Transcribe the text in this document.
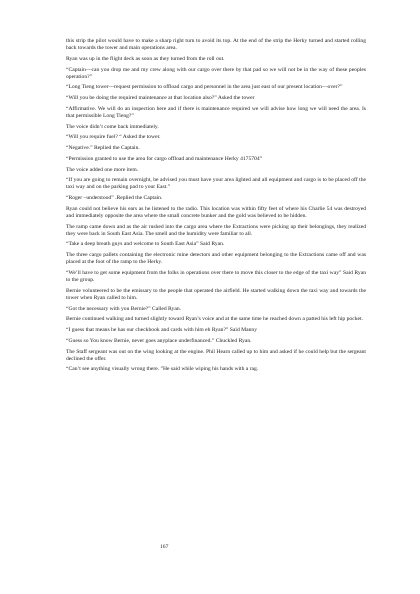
this strip the pilot would have to make a sharp right turn to avoid its top. At the end of the strip the Herky turned and started rolling back towards the tower and main operations area.

Ryan was up in the flight deck as soon as they turned from the roll out.

“Captain—can you drop me and my crew along with our cargo over there by that pad so we will not be in the way of these peoples operation?”

“Long Tieng tower—request permission to offload cargo and personnel in the area just east of our present location—over?”

“Will you be doing the required maintenance at that location also?” Asked the tower

“Affirmative. We will do an inspection here and if there is maintenance required we will advise how long we will need the area. Is that permissible Long Tieng?”

The voice didn’t come back immediately.

“Will you require fuel? “ Asked the tower.

“Negative.” Replied the Captain.

“Permission granted to use the area for cargo offload and maintenance Herky 4175704”

The voice added one more item.

“If you are going to remain overnight, be advised you must have your area lighted and all equipment and cargo is to be placed off the taxi way and on the parking pad to your East.”

“Roger –understood” .Replied the Captain.

Ryan could not believe his ears as he listened to the radio. This location was within fifty feet of where his Charlie 54 was destroyed and immediately opposite the area where the small concrete bunker and the gold was believed to be hidden.

The ramp came down and as the air rushed into the cargo area where the Extractions were picking up their belongings, they realized they were back in South East Asia. The smell and the humidity were familiar to all.

“Take a deep breath guys and welcome to South East Asia” Said Ryan.

The three cargo pallets containing the electronic mine detectors and other equipment belonging to the Extractions came off and was placed at the foot of the ramp to the Herky.

“We’ll have to get some equipment from the folks in operations over there to move this closer to the edge of the taxi way” Said Ryan to the group.

Bernie volunteered to be the emissary to the people that operated the airfield. He started walking down the taxi way and towards the tower when Ryan called to him.

“Got the necessary with you Bernie?” Called Ryan.

Bernie continued walking and turned slightly toward Ryan’s voice and at the same time he reached down a patted his left hip pocket.

“I guess that means he has our checkbook and cards with him eh Ryan?” Said Manny

“Guess so You know Bernie, never goes anyplace underfinanced.” Chuckled Ryan.

The Staff sergeant was out on the wing looking at the engine. Phil Hearn called up to him and asked if he could help but the sergeant declined the offer.

“Can’t see anything visually wrong there. ”He said while wiping his hands with a rag.

167
